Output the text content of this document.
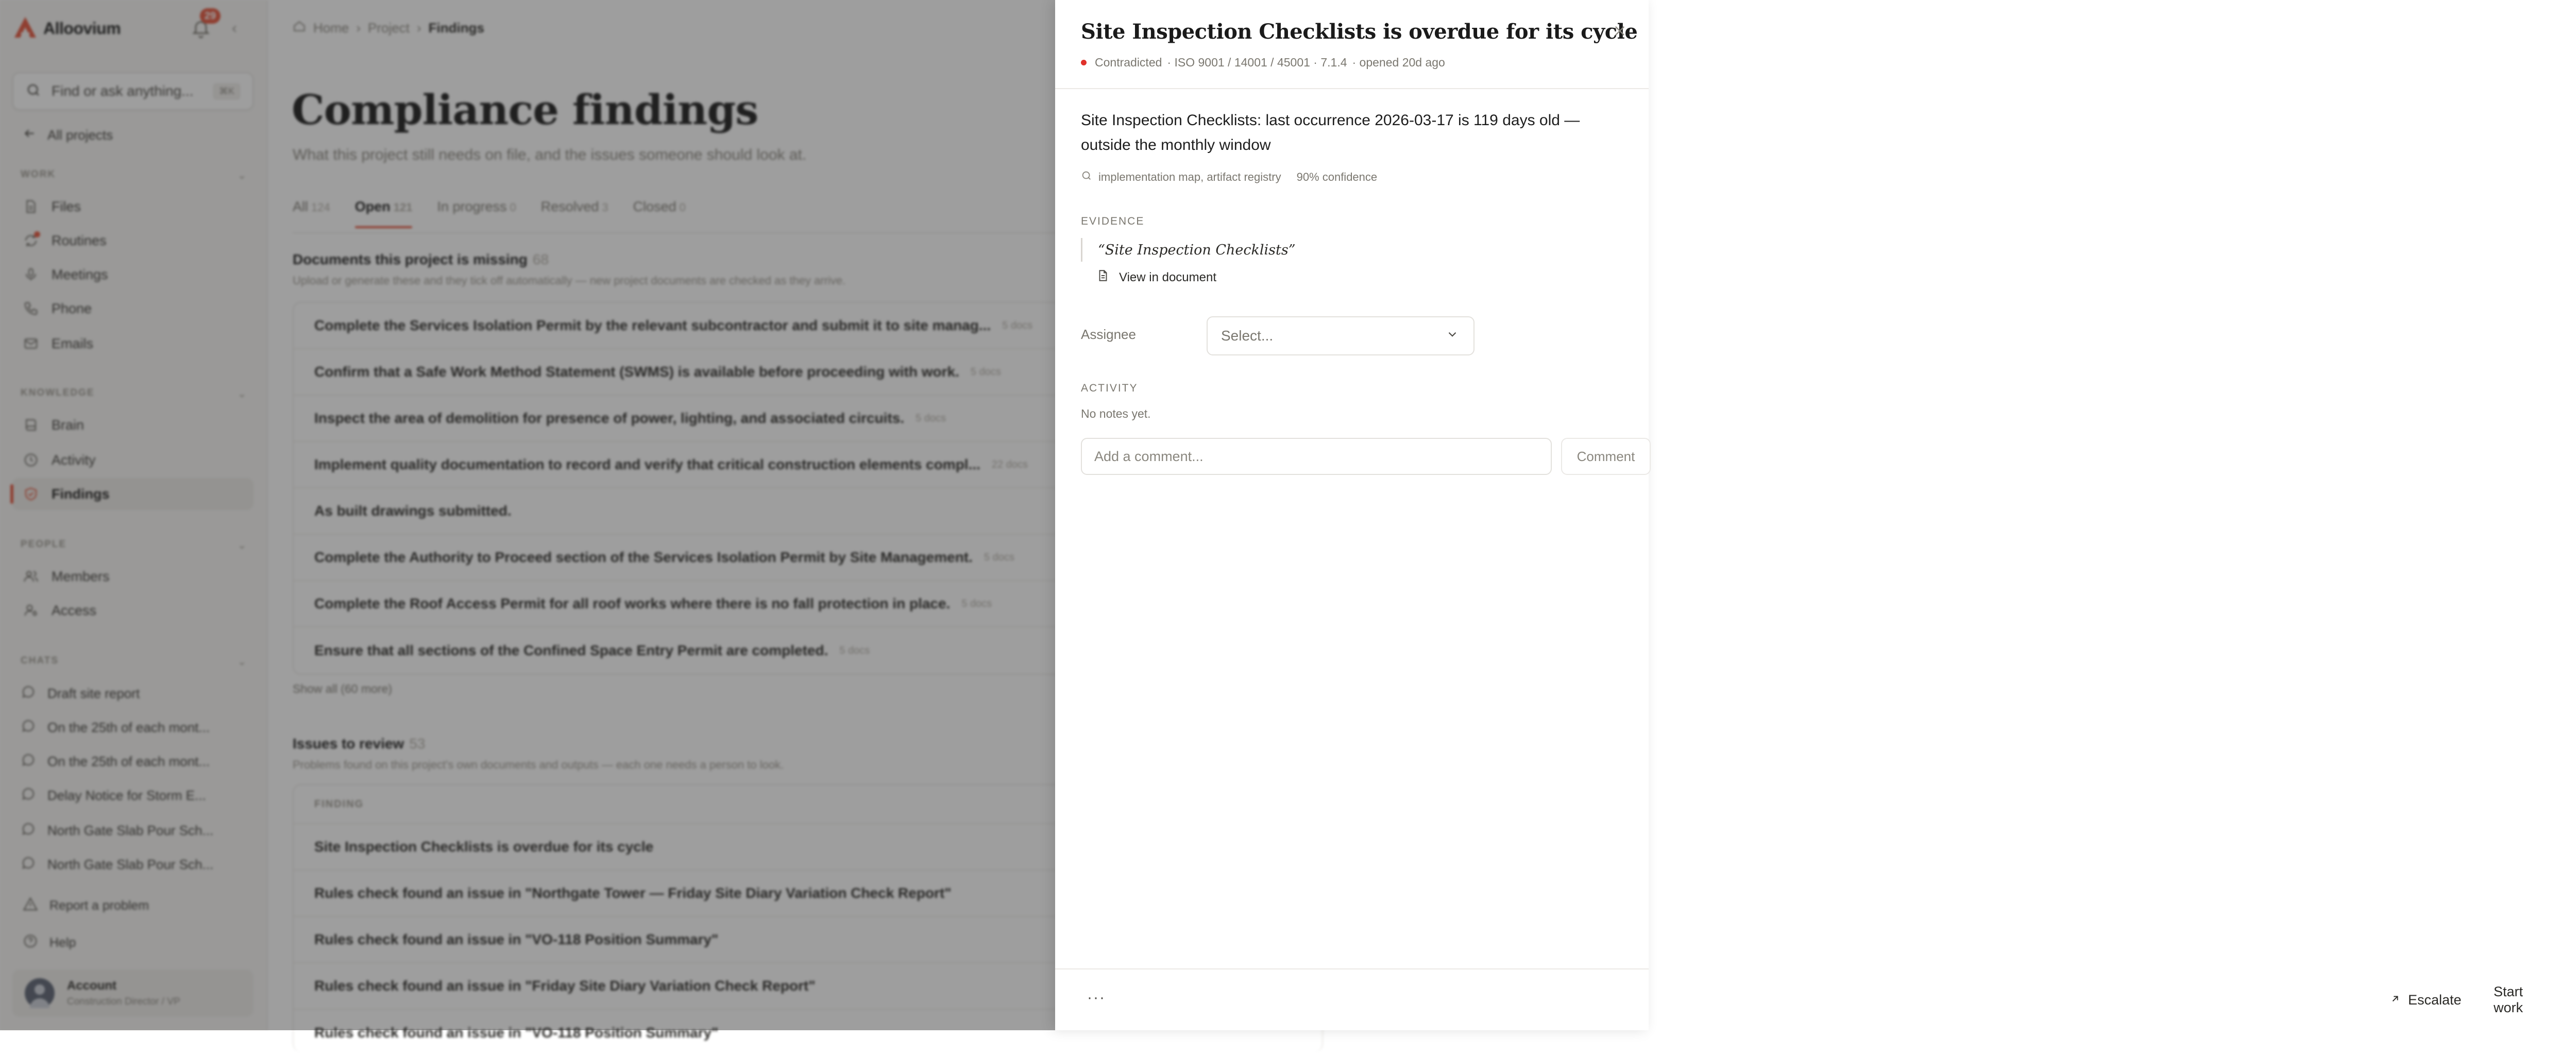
Alloovium
29
‹
Find or ask anything...	⌘K
All projects
WORK	⌄
Files
Routines
Meetings
Phone
Emails
KNOWLEDGE	⌄
Brain
Activity
Findings
PEOPLE	⌄
Members
Access
CHATS	⌄
Draft site report
On the 25th of each mont...
On the 25th of each mont...
Delay Notice for Storm E...
North Gate Slab Pour Sch...
North Gate Slab Pour Sch...
Report a problem
Help
Account
Construction Director / VP
Home › Project › Findings
Compliance findings
What this project still needs on file, and the issues someone should look at.
All 124 Open 121 In progress 0 Resolved 3 Closed 0
Documents this project is missing 68
Upload or generate these and they tick off automatically — new project documents are checked as they arrive.
Complete the Services Isolation Permit by the relevant subcontractor and submit it to site manag... 5 docs
Confirm that a Safe Work Method Statement (SWMS) is available before proceeding with work. 5 docs
Inspect the area of demolition for presence of power, lighting, and associated circuits. 5 docs
Implement quality documentation to record and verify that critical construction elements compl... 22 docs
As built drawings submitted.
Complete the Authority to Proceed section of the Services Isolation Permit by Site Management. 5 docs
Complete the Roof Access Permit for all roof works where there is no fall protection in place. 5 docs
Ensure that all sections of the Confined Space Entry Permit are completed. 5 docs
Show all (60 more)
Issues to review 53
Problems found on this project's own documents and outputs — each one needs a person to look.
FINDING
Site Inspection Checklists is overdue for its cycle
Rules check found an issue in "Northgate Tower — Friday Site Diary Variation Check Report"
Rules check found an issue in "VO-118 Position Summary"
Rules check found an issue in "Friday Site Diary Variation Check Report"
Rules check found an issue in "VO-118 Position Summary"
Site Inspection Checklists is overdue for its cycle
Contradicted · ISO 9001 / 14001 / 45001 · 7.1.4 · opened 20d ago

Site Inspection Checklists: last occurrence 2026-03-17 is 119 days old — outside the monthly window

implementation map, artifact registry 90% confidence
EVIDENCE
“Site Inspection Checklists”
View in document
Assignee	Select...
ACTIVITY
No notes yet.
Add a comment...
Comment
···	Escalate
Start work
